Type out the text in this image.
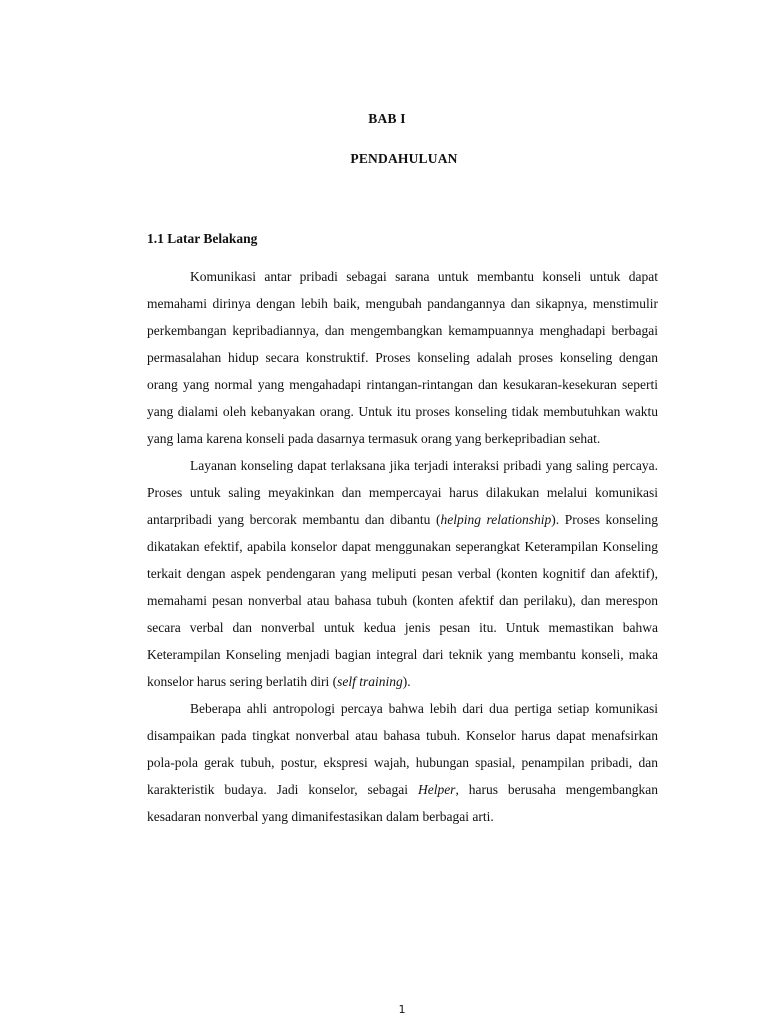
BAB I
PENDAHULUAN
1.1 Latar Belakang

Komunikasi antar pribadi sebagai sarana untuk membantu konseli untuk dapat memahami dirinya dengan lebih baik, mengubah pandangannya dan sikapnya, menstimulir perkembangan kepribadiannya, dan mengembangkan kemampuannya menghadapi berbagai permasalahan hidup secara konstruktif. Proses konseling adalah proses konseling dengan orang yang normal yang mengahadapi rintangan-rintangan dan kesukaran-kesekuran seperti yang dialami oleh kebanyakan orang. Untuk itu proses konseling tidak membutuhkan waktu yang lama karena konseli pada dasarnya termasuk orang yang berkepribadian sehat.

Layanan konseling dapat terlaksana jika terjadi interaksi pribadi yang saling percaya. Proses untuk saling meyakinkan dan mempercayai harus dilakukan melalui komunikasi antarpribadi yang bercorak membantu dan dibantu (helping relationship). Proses konseling dikatakan efektif, apabila konselor dapat menggunakan seperangkat Keterampilan Konseling terkait dengan aspek pendengaran yang meliputi pesan verbal (konten kognitif dan afektif), memahami pesan nonverbal atau bahasa tubuh (konten afektif dan perilaku), dan merespon secara verbal dan nonverbal untuk kedua jenis pesan itu. Untuk memastikan bahwa Keterampilan Konseling menjadi bagian integral dari teknik yang membantu konseli, maka konselor harus sering berlatih diri (self training).

Beberapa ahli antropologi percaya bahwa lebih dari dua pertiga setiap komunikasi disampaikan pada tingkat nonverbal atau bahasa tubuh. Konselor harus dapat menafsirkan pola-pola gerak tubuh, postur, ekspresi wajah, hubungan spasial, penampilan pribadi, dan karakteristik budaya. Jadi konselor, sebagai Helper, harus berusaha mengembangkan kesadaran nonverbal yang dimanifestasikan dalam berbagai arti.

1
